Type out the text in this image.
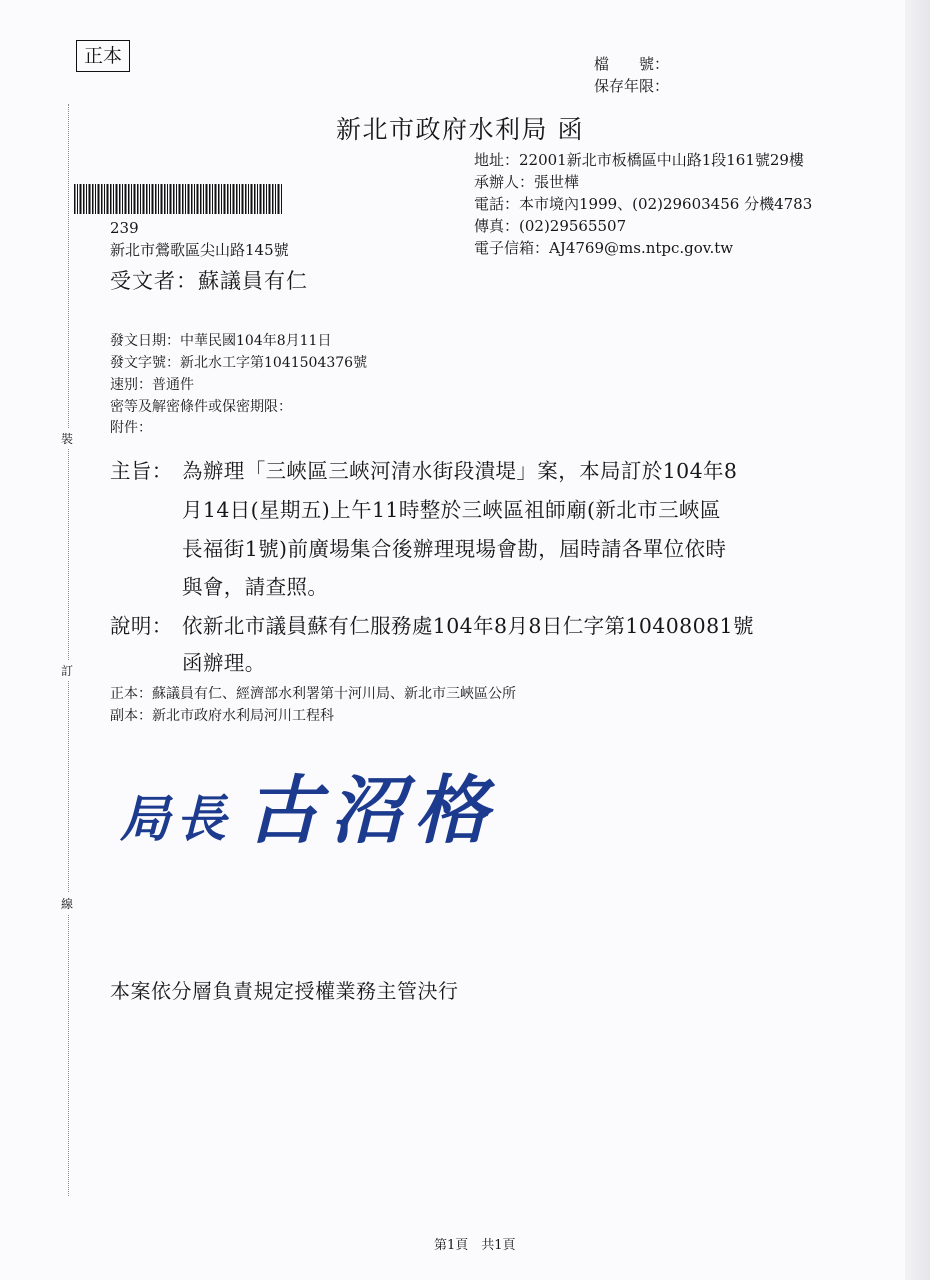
正本	檔　　號：
保存年限：
新北市政府水利局 函
地址：22001新北市板橋區中山路1段161號29樓
承辦人：張世樺
電話：本市境內1999、(02)29603456 分機4783
傳真：(02)29565507
電子信箱：AJ4769@ms.ntpc.gov.tw
裝
訂
線
239
新北市鶯歌區尖山路145號
受文者：蘇議員有仁
發文日期：中華民國104年8月11日
發文字號：新北水工字第1041504376號
速別：普通件
密等及解密條件或保密期限：
附件：
主旨： 為辦理「三峽區三峽河清水街段潰堤」案，本局訂於104年8
月14日(星期五)上午11時整於三峽區祖師廟(新北市三峽區
長福街1號)前廣場集合後辦理現場會勘，屆時請各單位依時
與會，請查照。
說明： 依新北市議員蘇有仁服務處104年8月8日仁字第10408081號
函辦理。
正本：蘇議員有仁、經濟部水利署第十河川局、新北市三峽區公所
副本：新北市政府水利局河川工程科
局長 古沼格
本案依分層負責規定授權業務主管決行
第1頁　共1頁
